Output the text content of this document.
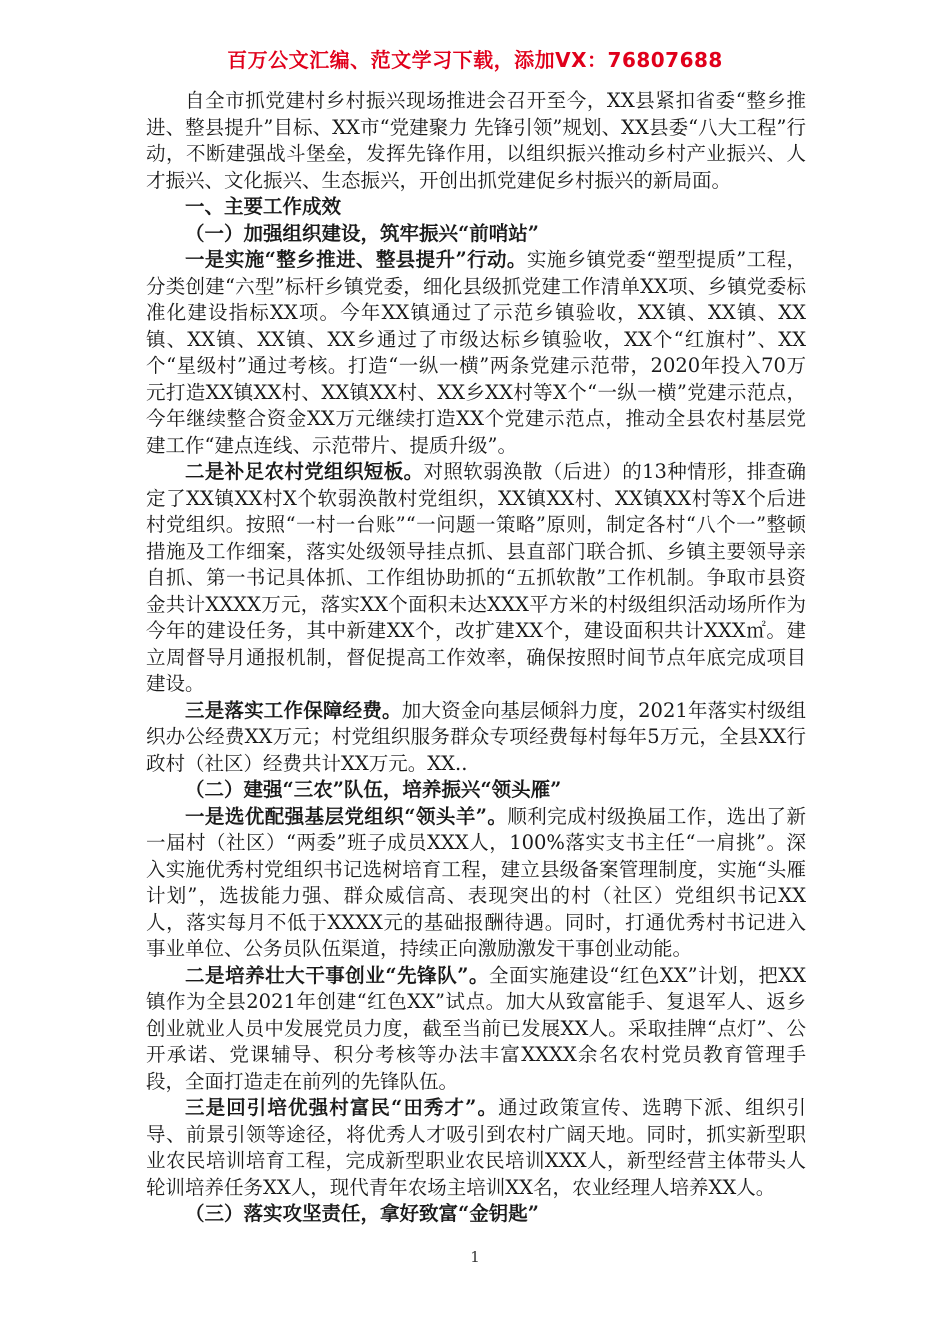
百万公文汇编、范文学习下载，添加VX：76807688

自全市抓党建村乡村振兴现场推进会召开至今，XX县紧扣省委“整乡推进、整县提升”目标、XX市“党建聚力 先锋引领”规划、XX县委“八大工程”行动，不断建强战斗堡垒，发挥先锋作用，以组织振兴推动乡村产业振兴、人才振兴、文化振兴、生态振兴，开创出抓党建促乡村振兴的新局面。

一、主要工作成效

（一）加强组织建设，筑牢振兴“前哨站”

一是实施“整乡推进、整县提升”行动。实施乡镇党委“塑型提质”工程，分类创建“六型”标杆乡镇党委，细化县级抓党建工作清单XX项、乡镇党委标准化建设指标XX项。今年XX镇通过了示范乡镇验收，XX镇、XX镇、XX镇、XX镇、XX镇、XX乡通过了市级达标乡镇验收，XX个“红旗村”、XX个“星级村”通过考核。打造“一纵一横”两条党建示范带，2020年投入70万元打造XX镇XX村、XX镇XX村、XX乡XX村等X个“一纵一横”党建示范点，今年继续整合资金XX万元继续打造XX个党建示范点，推动全县农村基层党建工作“建点连线、示范带片、提质升级”。

二是补足农村党组织短板。对照软弱涣散（后进）的13种情形，排查确定了XX镇XX村X个软弱涣散村党组织，XX镇XX村、XX镇XX村等X个后进村党组织。按照“一村一台账”“一问题一策略”原则，制定各村“八个一”整顿措施及工作细案，落实处级领导挂点抓、县直部门联合抓、乡镇主要领导亲自抓、第一书记具体抓、工作组协助抓的“五抓软散”工作机制。争取市县资金共计XXXX万元，落实XX个面积未达XXX平方米的村级组织活动场所作为今年的建设任务，其中新建XX个，改扩建XX个，建设面积共计XXX㎡。建立周督导月通报机制，督促提高工作效率，确保按照时间节点年底完成项目建设。

三是落实工作保障经费。加大资金向基层倾斜力度，2021年落实村级组织办公经费XX万元；村党组织服务群众专项经费每村每年5万元，全县XX行政村（社区）经费共计XX万元。XX..

（二）建强“三农”队伍，培养振兴“领头雁”

一是选优配强基层党组织“领头羊”。顺利完成村级换届工作，选出了新一届村（社区）“两委”班子成员XXX人，100%落实支书主任“一肩挑”。深入实施优秀村党组织书记选树培育工程，建立县级备案管理制度，实施“头雁计划”，选拔能力强、群众威信高、表现突出的村（社区）党组织书记XX人，落实每月不低于XXXX元的基础报酬待遇。同时，打通优秀村书记进入事业单位、公务员队伍渠道，持续正向激励激发干事创业动能。

二是培养壮大干事创业“先锋队”。全面实施建设“红色XX”计划，把XX镇作为全县2021年创建“红色XX”试点。加大从致富能手、复退军人、返乡创业就业人员中发展党员力度，截至当前已发展XX人。采取挂牌“点灯”、公开承诺、党课辅导、积分考核等办法丰富XXXX余名农村党员教育管理手段，全面打造走在前列的先锋队伍。

三是回引培优强村富民“田秀才”。通过政策宣传、选聘下派、组织引导、前景引领等途径，将优秀人才吸引到农村广阔天地。同时，抓实新型职业农民培训培育工程，完成新型职业农民培训XXX人，新型经营主体带头人轮训培养任务XX人，现代青年农场主培训XX名，农业经理人培养XX人。

（三）落实攻坚责任，拿好致富“金钥匙”

1
